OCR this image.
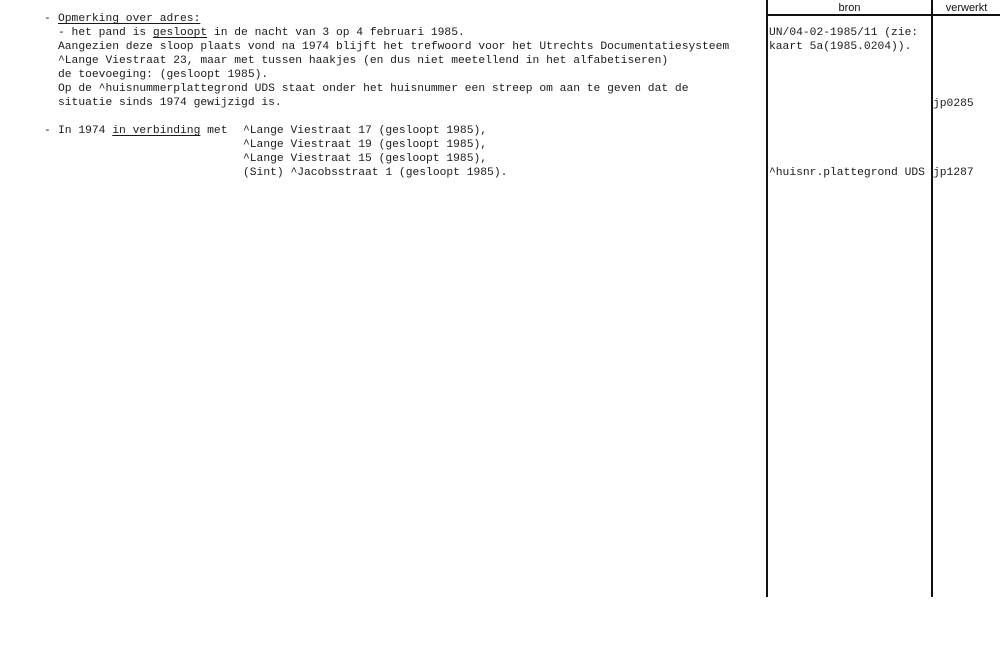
bron	verwerkt
- Opmerking over adres:
- het pand is gesloopt in de nacht van 3 op 4 februari 1985.
Aangezien deze sloop plaats vond na 1974 blijft het trefwoord voor het Utrechts Documentatiesysteem
^Lange Viestraat 23, maar met tussen haakjes (en dus niet meetellend in het alfabetiseren)
de toevoeging: (gesloopt 1985).
Op de ^huisnummerplattegrond UDS staat onder het huisnummer een streep om aan te geven dat de
situatie sinds 1974 gewijzigd is.
- In 1974 in verbinding met ^Lange Viestraat 17 (gesloopt 1985),
^Lange Viestraat 19 (gesloopt 1985),
^Lange Viestraat 15 (gesloopt 1985),
(Sint) ^Jacobsstraat 1 (gesloopt 1985).
UN/04-02-1985/11 (zie:
kaart 5a(1985.0204)).
^huisnr.plattegrond UDS
jp0285
jp1287
